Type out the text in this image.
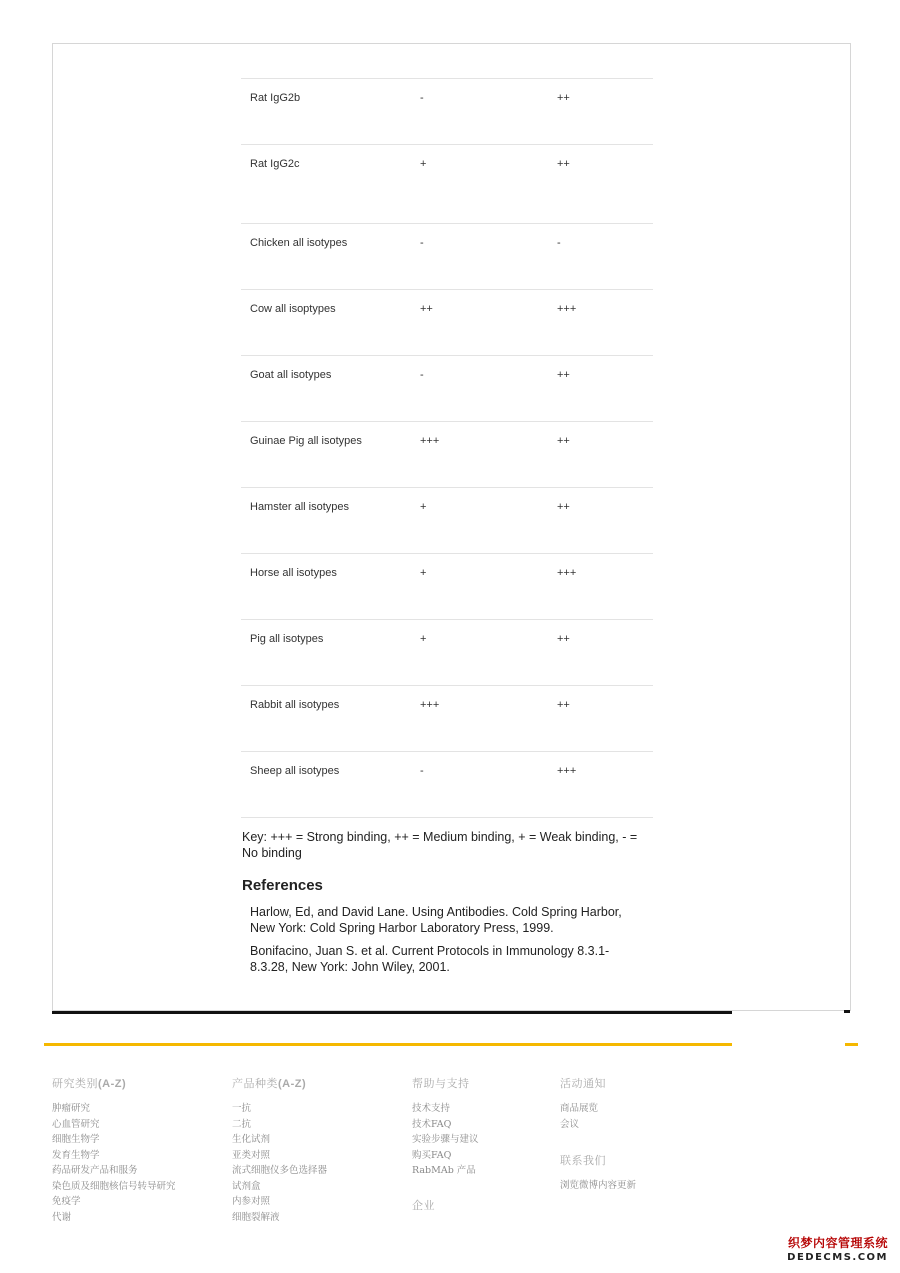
Rat IgG2b	-	++
Rat IgG2c	+	++
Chicken all isotypes	-	-
Cow all isoptypes	++	+++
Goat all isotypes	-	++
Guinae Pig all isotypes	+++	++
Hamster all isotypes	+	++
Horse all isotypes	+	+++
Pig all isotypes	+	++
Rabbit all isotypes	+++	++
Sheep all isotypes	-	+++
Key: +++ = Strong binding, ++ = Medium binding, + = Weak binding, - = No binding
References
Harlow, Ed, and David Lane. Using Antibodies. Cold Spring Harbor, New York: Cold Spring Harbor Laboratory Press, 1999.
Bonifacino, Juan S. et al. Current Protocols in Immunology 8.3.1-8.3.28, New York: John Wiley, 2001.
研究类别(A-Z)
肿瘤研究
心血管研究
细胞生物学
发育生物学
药品研发产品和服务
染色质及细胞核信号转导研究
免疫学
代谢
产品种类(A-Z)
一抗
二抗
生化试剂
亚类对照
流式细胞仪多色选择器
试剂盒
内参对照
细胞裂解液
帮助与支持
技术支持
技术FAQ
实验步骤与建议
购买FAQ
RabMAb 产品
企业
活动通知
商品展览
会议
联系我们
浏览微博内容更新
织梦内容管理系统
DEDECMS.COM
